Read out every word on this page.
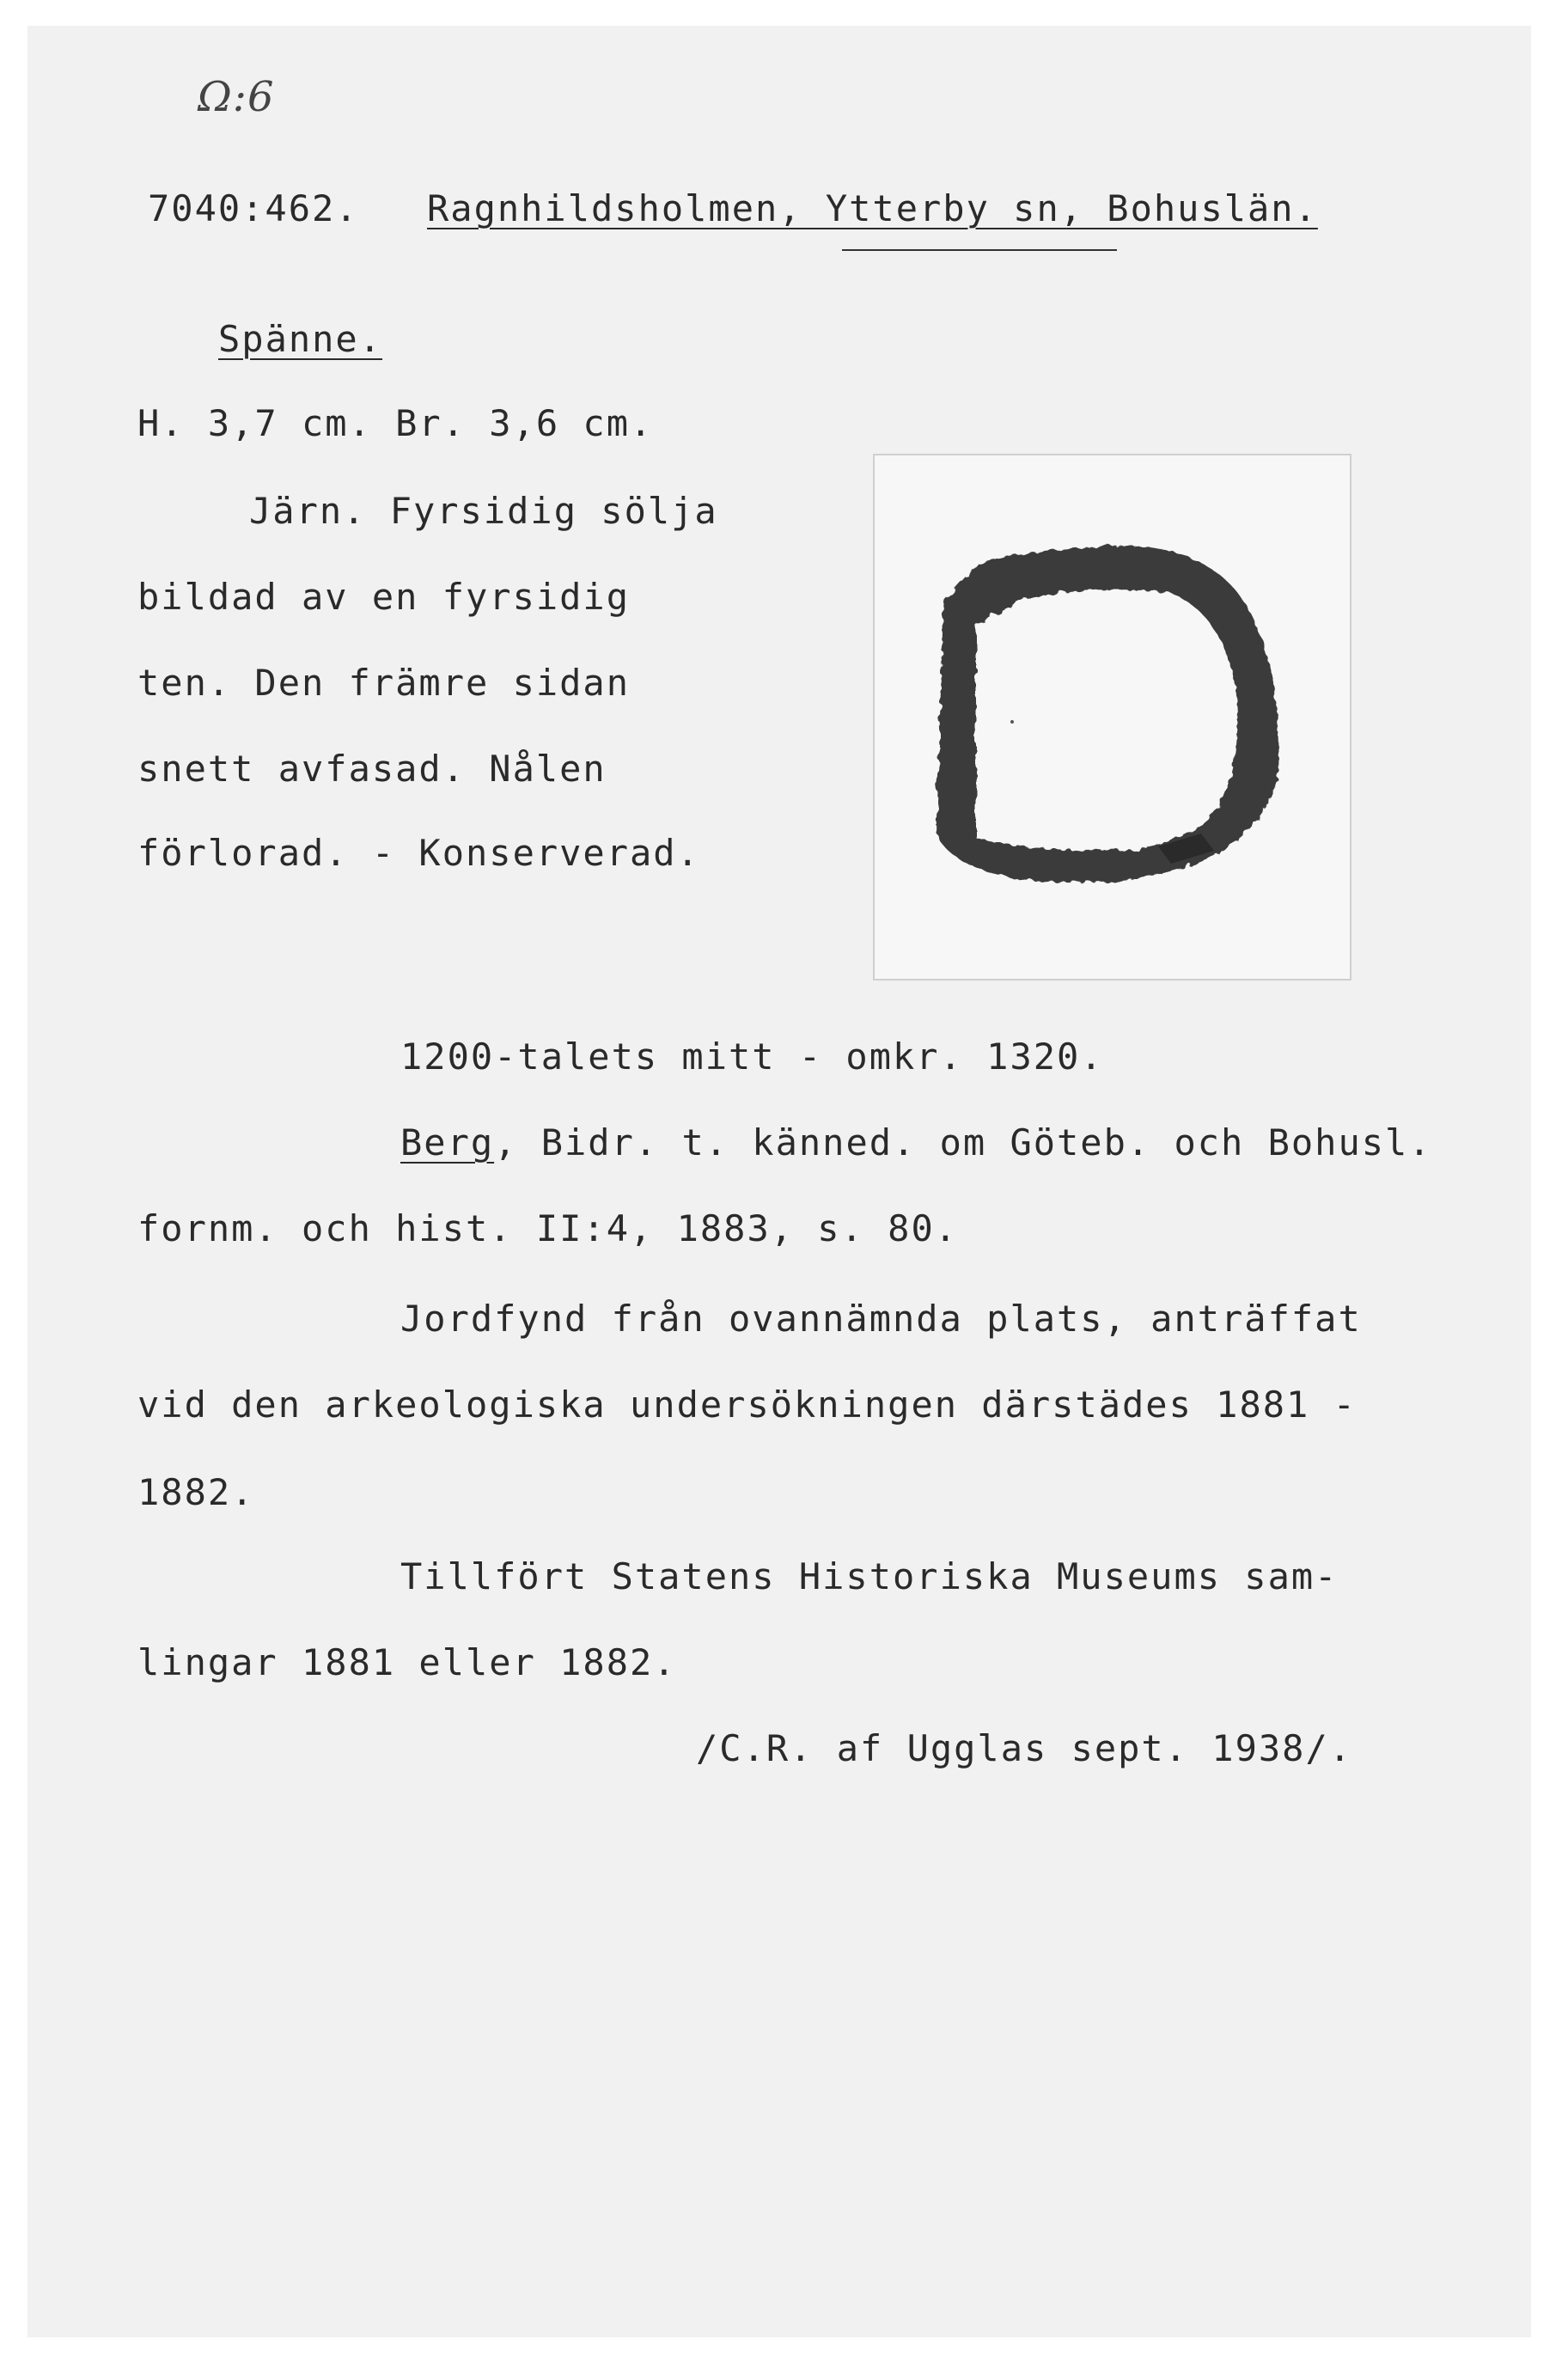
Ω:6

7040:462. Ragnhildsholmen, Ytterby sn, Bohuslän.

Spänne.

H. 3,7 cm. Br. 3,6 cm.

Järn. Fyrsidig sölja

bildad av en fyrsidig

ten. Den främre sidan

snett avfasad. Nålen

förlorad. - Konserverad.

1200-talets mitt - omkr. 1320.

Berg, Bidr. t. känned. om Göteb. och Bohusl.

fornm. och hist. II:4, 1883, s. 80.

Jordfynd från ovannämnda plats, anträffat

vid den arkeologiska undersökningen därstädes 1881 -

1882.

Tillfört Statens Historiska Museums sam-

lingar 1881 eller 1882.

/C.R. af Ugglas sept. 1938/.
